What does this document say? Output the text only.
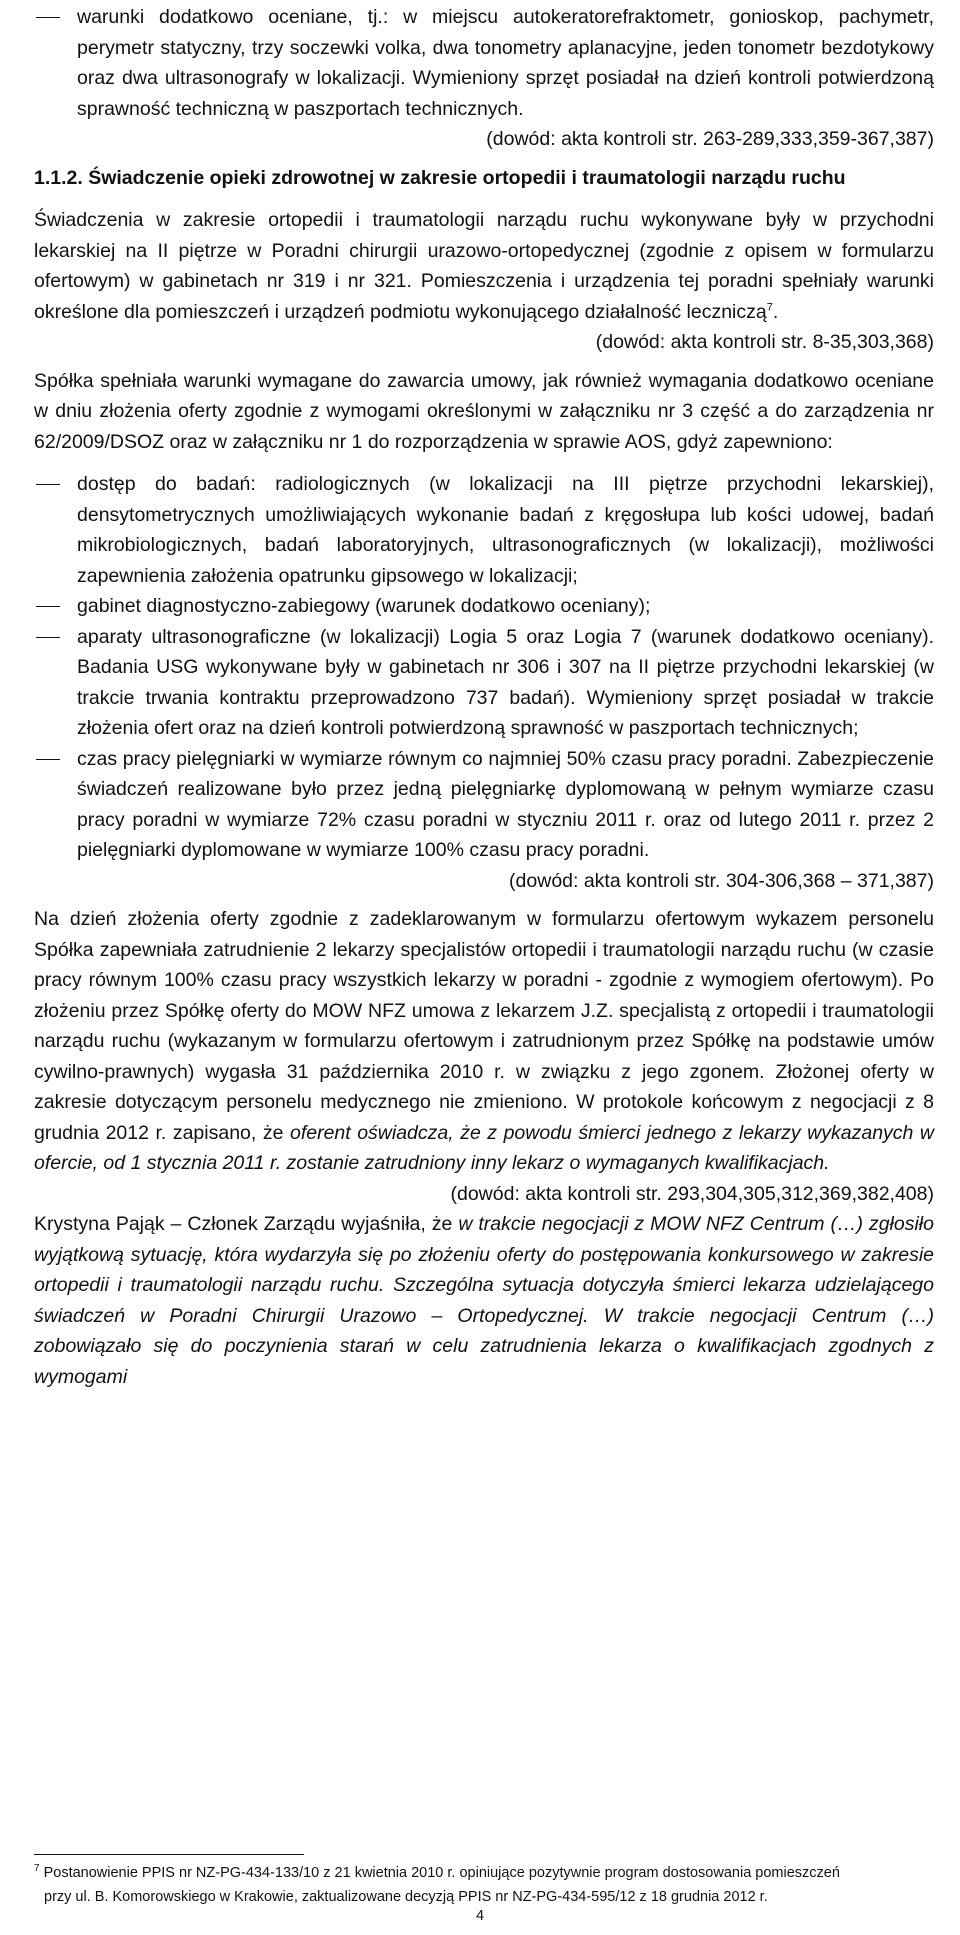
warunki dodatkowo oceniane, tj.: w miejscu autokeratorefraktometr, gonioskop, pachymetr, perymetr statyczny, trzy soczewki volka, dwa tonometry aplanacyjne, jeden tonometr bezdotykowy oraz dwa ultrasonografy w lokalizacji. Wymieniony sprzęt posiadał na dzień kontroli potwierdzoną sprawność techniczną w paszportach technicznych.

(dowód: akta kontroli str. 263-289,333,359-367,387)

1.1.2. Świadczenie opieki zdrowotnej w zakresie ortopedii i traumatologii narządu ruchu

Świadczenia w zakresie ortopedii i traumatologii narządu ruchu wykonywane były w przychodni lekarskiej na II piętrze w Poradni chirurgii urazowo-ortopedycznej (zgodnie z opisem w formularzu ofertowym) w gabinetach nr 319 i nr 321. Pomieszczenia i urządzenia tej poradni spełniały warunki określone dla pomieszczeń i urządzeń podmiotu wykonującego działalność leczniczą$^7$.

(dowód: akta kontroli str. 8-35,303,368)

Spółka spełniała warunki wymagane do zawarcia umowy, jak również wymagania dodatkowo oceniane w dniu złożenia oferty zgodnie z wymogami określonymi w załączniku nr 3 część a do zarządzenia nr 62/2009/DSOZ oraz w załączniku nr 1 do rozporządzenia w sprawie AOS, gdyż zapewniono:

dostęp do badań: radiologicznych (w lokalizacji na III piętrze przychodni lekarskiej), densytometrycznych umożliwiających wykonanie badań z kręgosłupa lub kości udowej, badań mikrobiologicznych, badań laboratoryjnych, ultrasonograficznych (w lokalizacji), możliwości zapewnienia założenia opatrunku gipsowego w lokalizacji;
gabinet diagnostyczno-zabiegowy (warunek dodatkowo oceniany);
aparaty ultrasonograficzne (w lokalizacji) Logia 5 oraz Logia 7 (warunek dodatkowo oceniany). Badania USG wykonywane były w gabinetach nr 306 i 307 na II piętrze przychodni lekarskiej (w trakcie trwania kontraktu przeprowadzono 737 badań). Wymieniony sprzęt posiadał w trakcie złożenia ofert oraz na dzień kontroli potwierdzoną sprawność w paszportach technicznych;
czas pracy pielęgniarki w wymiarze równym co najmniej 50% czasu pracy poradni. Zabezpieczenie świadczeń realizowane było przez jedną pielęgniarkę dyplomowaną w pełnym wymiarze czasu pracy poradni w wymiarze 72% czasu poradni w styczniu 2011 r. oraz od lutego 2011 r. przez 2 pielęgniarki dyplomowane w wymiarze 100% czasu pracy poradni.

(dowód: akta kontroli str. 304-306,368 – 371,387)

Na dzień złożenia oferty zgodnie z zadeklarowanym w formularzu ofertowym wykazem personelu Spółka zapewniała zatrudnienie 2 lekarzy specjalistów ortopedii i traumatologii narządu ruchu (w czasie pracy równym 100% czasu pracy wszystkich lekarzy w poradni - zgodnie z wymogiem ofertowym). Po złożeniu przez Spółkę oferty do MOW NFZ umowa z lekarzem J.Z. specjalistą z ortopedii i traumatologii narządu ruchu (wykazanym w formularzu ofertowym i zatrudnionym przez Spółkę na podstawie umów cywilno-prawnych) wygasła 31 października 2010 r. w związku z jego zgonem. Złożonej oferty w zakresie dotyczącym personelu medycznego nie zmieniono. W protokole końcowym z negocjacji z 8 grudnia 2012 r. zapisano, że oferent oświadcza, że z powodu śmierci jednego z lekarzy wykazanych w ofercie, od 1 stycznia 2011 r. zostanie zatrudniony inny lekarz o wymaganych kwalifikacjach.

(dowód: akta kontroli str. 293,304,305,312,369,382,408)

Krystyna Pająk – Członek Zarządu wyjaśniła, że w trakcie negocjacji z MOW NFZ Centrum (…) zgłosiło wyjątkową sytuację, która wydarzyła się po złożeniu oferty do postępowania konkursowego w zakresie ortopedii i traumatologii narządu ruchu. Szczególna sytuacja dotyczyła śmierci lekarza udzielającego świadczeń w Poradni Chirurgii Urazowo – Ortopedycznej. W trakcie negocjacji Centrum (…) zobowiązało się do poczynienia starań w celu zatrudnienia lekarza o kwalifikacjach zgodnych z wymogami

$^7$ Postanowienie PPIS nr NZ-PG-434-133/10 z 21 kwietnia 2010 r. opiniujące pozytywnie program dostosowania pomieszczeń
przy ul. B. Komorowskiego w Krakowie, zaktualizowane decyzją PPIS nr NZ-PG-434-595/12 z 18 grudnia 2012 r.

4
